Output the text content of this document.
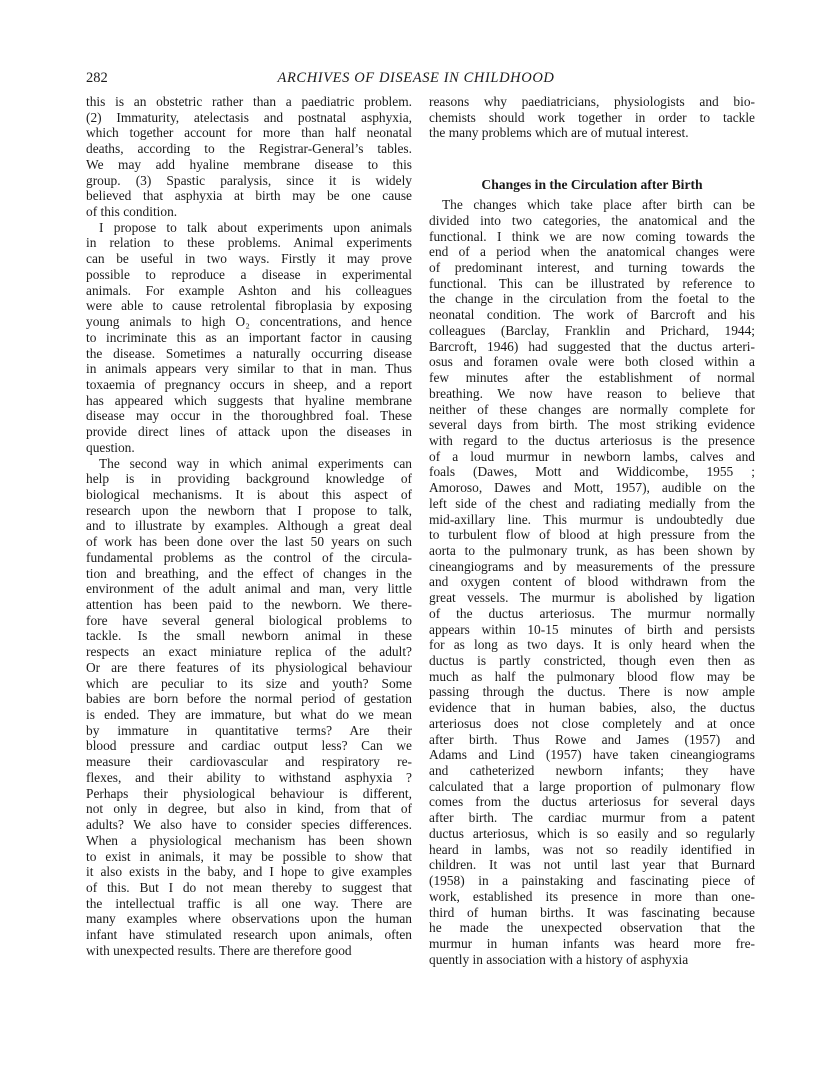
282	ARCHIVES OF DISEASE IN CHILDHOOD
this is an obstetric rather than a paediatric problem.
(2) Immaturity, atelectasis and postnatal asphyxia,
which together account for more than half neonatal
deaths, according to the Registrar-General’s tables.
We may add hyaline membrane disease to this
group. (3) Spastic paralysis, since it is widely
believed that asphyxia at birth may be one cause
of this condition.
I propose to talk about experiments upon animals
in relation to these problems. Animal experiments
can be useful in two ways. Firstly it may prove
possible to reproduce a disease in experimental
animals. For example Ashton and his colleagues
were able to cause retrolental fibroplasia by exposing
young animals to high O₂ concentrations, and hence
to incriminate this as an important factor in causing
the disease. Sometimes a naturally occurring disease
in animals appears very similar to that in man. Thus
toxaemia of pregnancy occurs in sheep, and a report
has appeared which suggests that hyaline membrane
disease may occur in the thoroughbred foal. These
provide direct lines of attack upon the diseases in
question.
The second way in which animal experiments can
help is in providing background knowledge of
biological mechanisms. It is about this aspect of
research upon the newborn that I propose to talk,
and to illustrate by examples. Although a great deal
of work has been done over the last 50 years on such
fundamental problems as the control of the circula-
tion and breathing, and the effect of changes in the
environment of the adult animal and man, very little
attention has been paid to the newborn. We there-
fore have several general biological problems to
tackle. Is the small newborn animal in these
respects an exact miniature replica of the adult?
Or are there features of its physiological behaviour
which are peculiar to its size and youth? Some
babies are born before the normal period of gestation
is ended. They are immature, but what do we mean
by immature in quantitative terms? Are their
blood pressure and cardiac output less? Can we
measure their cardiovascular and respiratory re-
flexes, and their ability to withstand asphyxia ?
Perhaps their physiological behaviour is different,
not only in degree, but also in kind, from that of
adults? We also have to consider species differences.
When a physiological mechanism has been shown
to exist in animals, it may be possible to show that
it also exists in the baby, and I hope to give examples
of this. But I do not mean thereby to suggest that
the intellectual traffic is all one way. There are
many examples where observations upon the human
infant have stimulated research upon animals, often
with unexpected results. There are therefore good
reasons why paediatricians, physiologists and bio-
chemists should work together in order to tackle
the many problems which are of mutual interest.
Changes in the Circulation after Birth
The changes which take place after birth can be
divided into two categories, the anatomical and the
functional. I think we are now coming towards the
end of a period when the anatomical changes were
of predominant interest, and turning towards the
functional. This can be illustrated by reference to
the change in the circulation from the foetal to the
neonatal condition. The work of Barcroft and his
colleagues (Barclay, Franklin and Prichard, 1944;
Barcroft, 1946) had suggested that the ductus arteri-
osus and foramen ovale were both closed within a
few minutes after the establishment of normal
breathing. We now have reason to believe that
neither of these changes are normally complete for
several days from birth. The most striking evidence
with regard to the ductus arteriosus is the presence
of a loud murmur in newborn lambs, calves and
foals (Dawes, Mott and Widdicombe, 1955 ;
Amoroso, Dawes and Mott, 1957), audible on the
left side of the chest and radiating medially from the
mid-axillary line. This murmur is undoubtedly due
to turbulent flow of blood at high pressure from the
aorta to the pulmonary trunk, as has been shown by
cineangiograms and by measurements of the pressure
and oxygen content of blood withdrawn from the
great vessels. The murmur is abolished by ligation
of the ductus arteriosus. The murmur normally
appears within 10-15 minutes of birth and persists
for as long as two days. It is only heard when the
ductus is partly constricted, though even then as
much as half the pulmonary blood flow may be
passing through the ductus. There is now ample
evidence that in human babies, also, the ductus
arteriosus does not close completely and at once
after birth. Thus Rowe and James (1957) and
Adams and Lind (1957) have taken cineangiograms
and catheterized newborn infants; they have
calculated that a large proportion of pulmonary flow
comes from the ductus arteriosus for several days
after birth. The cardiac murmur from a patent
ductus arteriosus, which is so easily and so regularly
heard in lambs, was not so readily identified in
children. It was not until last year that Burnard
(1958) in a painstaking and fascinating piece of
work, established its presence in more than one-
third of human births. It was fascinating because
he made the unexpected observation that the
murmur in human infants was heard more fre-
quently in association with a history of asphyxia
